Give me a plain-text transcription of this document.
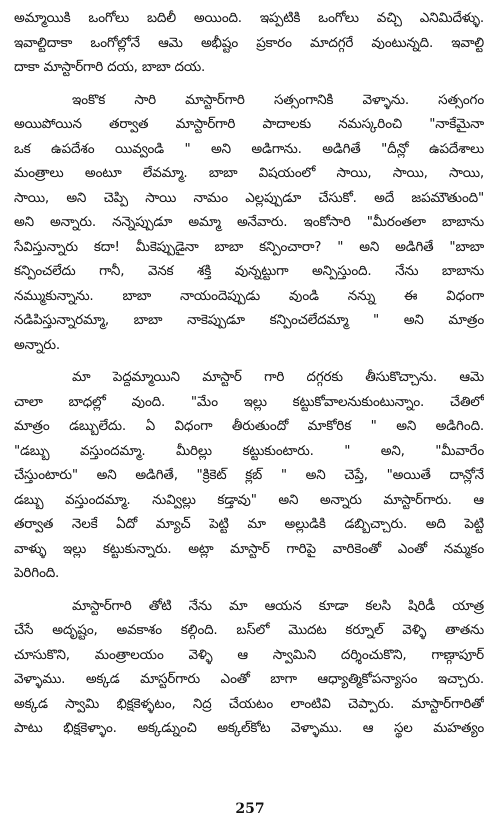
అమ్మాయికి ఒంగోలు బదిలీ అయింది. ఇప్పటికి ఒంగోలు వచ్చి ఎనిమిదేళ్ళు.
ఇవాల్టిదాకా ఒంగోల్లోనే ఆమె అభీష్టం ప్రకారం మాదగ్గరే వుంటున్నది. ఇవాల్టి
దాకా మాస్టార్‌గారి దయ, బాబా దయ.
ఇంకొక సారి మాస్టార్‌గారి సత్సంగానికి వెళ్ళాను. సత్సంగం
అయిపోయిన తర్వాత మాస్టార్‌గారి పాదాలకు నమస్కరించి "నాకేమైనా
ఒక ఉపదేశం యివ్వండి " అని అడిగాను. అడిగితే "దీన్లో ఉపదేశాలు
మంత్రాలు అంటూ లేవమ్మా. బాబా విషయంలో సాయి, సాయి, సాయి,
సాయి, అని చెప్పి సాయి నామం ఎల్లప్పుడూ చేసుకో. అదే జపమౌతుంది"
అని అన్నారు. నన్నెప్పుడూ అమ్మా అనేవారు. ఇంకోసారి "మీరంతలా బాబాను
సేవిస్తున్నారు కదా! మీకెప్పుడైనా బాబా కన్పించారా? " అని అడిగితే "బాబా
కన్పించలేదు గానీ, వెనక శక్తి వున్నట్టుగా అన్పిస్తుంది. నేను బాబాను
నమ్ముకున్నాను. బాబా నాయందెప్పుడు వుండి నన్ను ఈ విధంగా
నడిపిస్తున్నారమ్మా, బాబా నాకెప్పుడూ కన్పించలేదమ్మా " అని మాత్రం
అన్నారు.
మా పెద్దమ్మాయిని మాస్టార్ గారి దగ్గరకు తీసుకొచ్చాను. ఆమె
చాలా బాధల్లో వుంది. "మేం ఇల్లు కట్టుకోవాలనుకుంటున్నాం. చేతిలో
మాత్రం డబ్బులేదు. ఏ విధంగా తీరుతుందో మాకోరిక " అని అడిగింది.
"డబ్బు వస్తుందమ్మా. మీరిల్లు కట్టుకుంటారు. " అని, "మీవారేం
చేస్తుంటారు" అని అడిగితే, "క్రికెట్ క్లబ్ " అని చెప్తే, "అయితే దాన్లోనే
డబ్బు వస్తుందమ్మా. నువ్విల్లు కడ్తావు" అని అన్నారు మాస్టార్‌గారు. ఆ
తర్వాత నెలకే ఏదో మ్యాచ్ పెట్టి మా అల్లుడికి డబ్బిచ్చారు. అది పెట్టి
వాళ్ళు ఇల్లు కట్టుకున్నారు. అట్లా మాస్టార్ గారిపై వారికెంతో ఎంతో నమ్మకం
పెరిగింది.
మాస్టార్‌గారి తోటి నేను మా ఆయన కూడా కలసి షిరిడీ యాత్ర
చేసే అదృష్టం, అవకాశం కల్గింది. బస్‌లో మొదట కర్నూల్ వెళ్ళి తాతను
చూసుకొని, మంత్రాలయం వెళ్ళి ఆ స్వామిని దర్శించుకొని, గాణ్గాపూర్
వెళ్ళాము. అక్కడ మాస్టర్‌గారు ఎంతో బాగా ఆధ్యాత్మికోపన్యాసం ఇచ్చారు.
అక్కడ స్వామి భిక్షకెళ్ళటం, నిద్ర చేయటం లాంటివి చెప్పారు. మాస్టార్‌గారితో
పాటు భిక్షకెళ్ళాం. అక్కడ్నుంచి అక్కల్‌కోట వెళ్ళాము. ఆ స్థల మహత్యం
257
